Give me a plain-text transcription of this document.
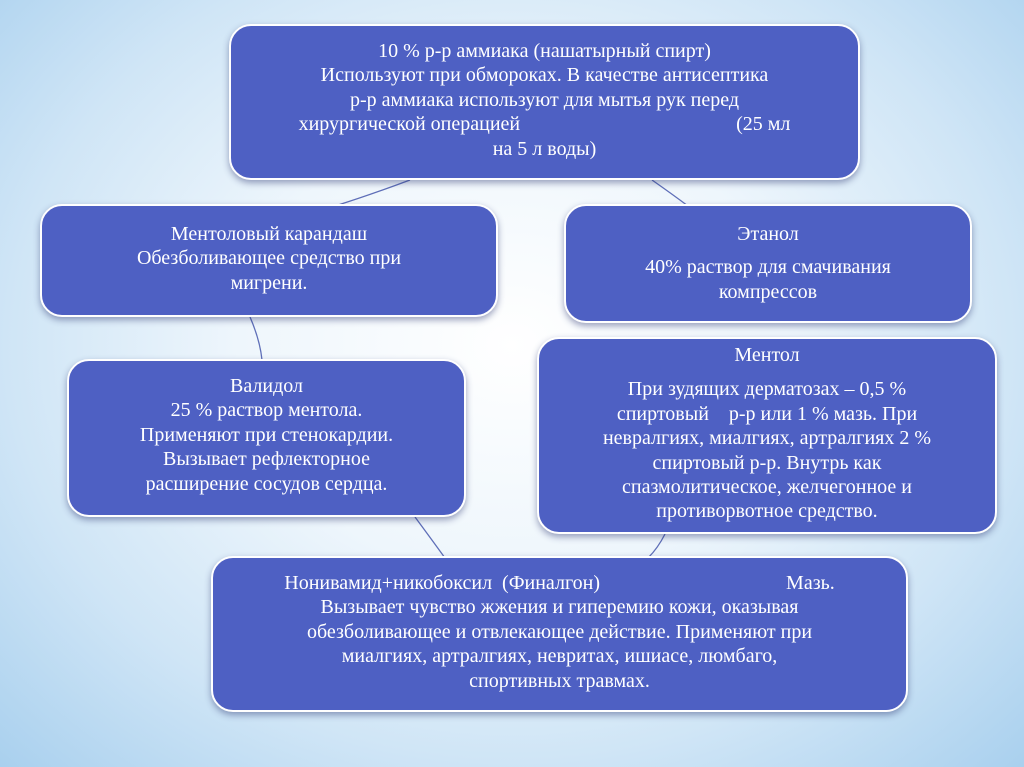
10 % р-р аммиака (нашатырный спирт)
Используют при обмороках. В качестве антисептика
р-р аммиака используют для мытья рук перед
хирургической операцией	(25 мл
на 5 л воды)
Ментоловый карандаш
Обезболивающее средство при
мигрени.
Этанол
40% раствор для смачивания
компрессов
Валидол
25 % раствор ментола.
Применяют при стенокардии.
Вызывает рефлекторное
расширение сосудов сердца.
Ментол
При зудящих дерматозах – 0,5 %
спиртовый    р-р или 1 % мазь. При
невралгиях, миалгиях, артралгиях 2 %
спиртовый р-р. Внутрь как
спазмолитическое, желчегонное и
противорвотное средство.
Нонивамид+никобоксил  (Финалгон)	Мазь.
Вызывает чувство жжения и гиперемию кожи, оказывая
обезболивающее и отвлекающее действие. Применяют при
миалгиях, артралгиях, невритах, ишиасе, люмбаго,
спортивных травмах.
